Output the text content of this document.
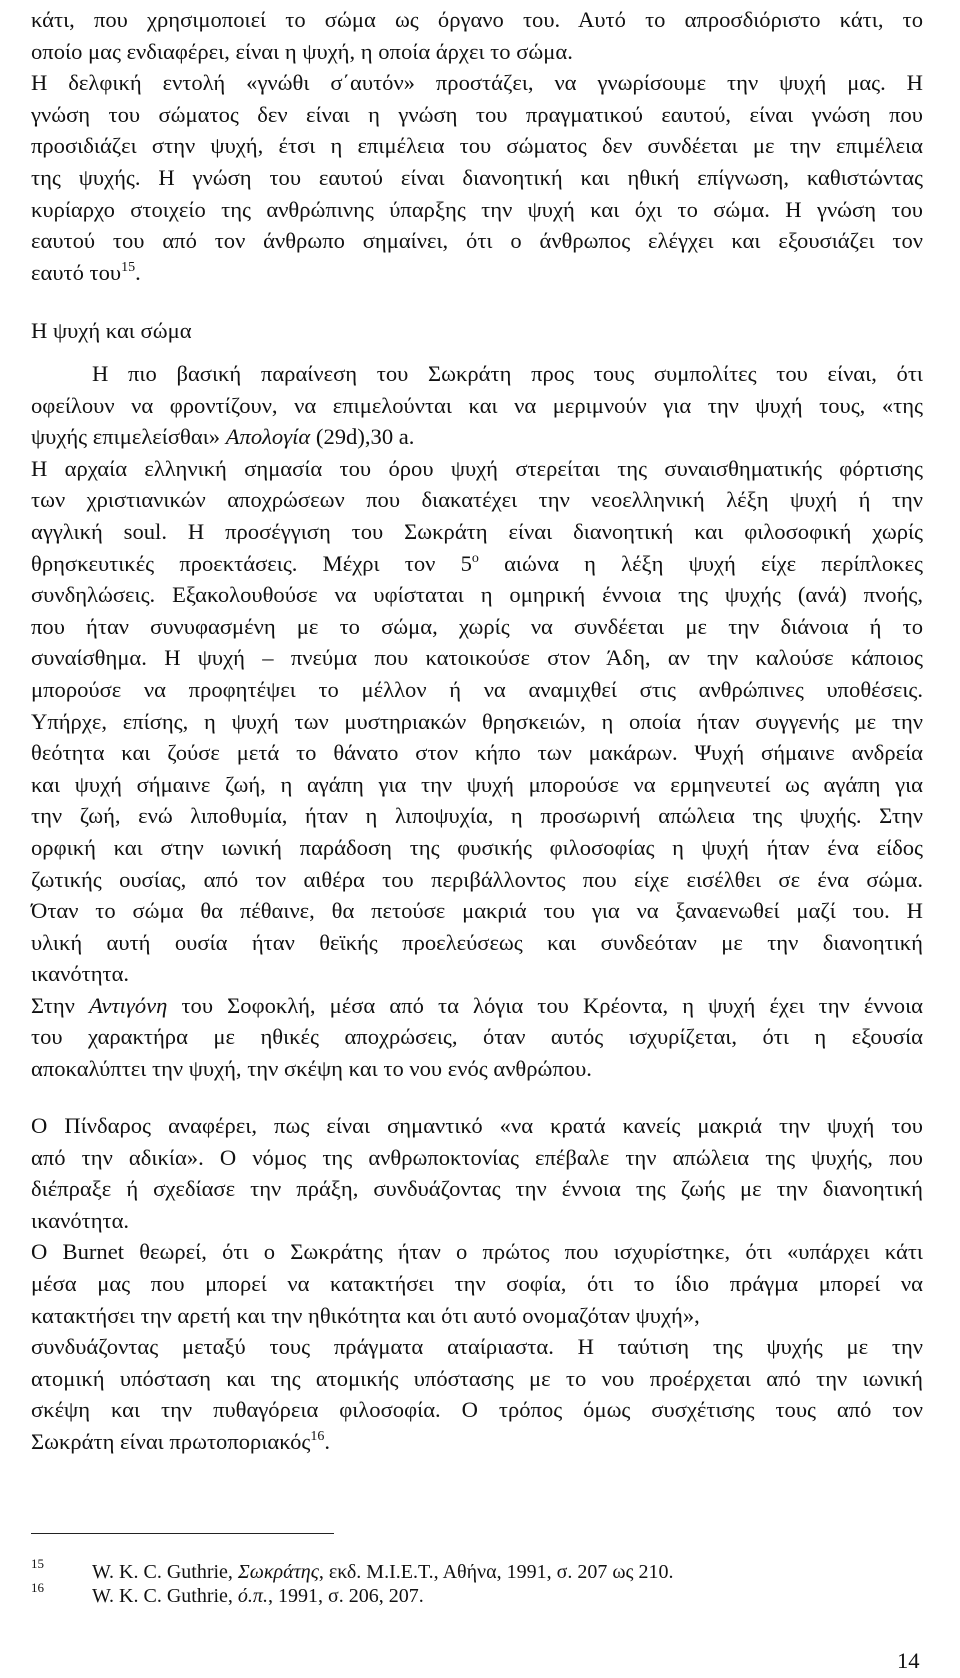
κάτι, που χρησιμοποιεί το σώμα ως όργανο του. Αυτό το απροσδιόριστο κάτι, το

οποίο μας ενδιαφέρει, είναι η ψυχή, η οποία άρχει το σώμα.

Η δελφική εντολή «γνώθι σ΄αυτόν» προστάζει, να γνωρίσουμε την ψυχή μας. Η

γνώση του σώματος δεν είναι η γνώση του πραγματικού εαυτού, είναι γνώση που

προσιδιάζει στην ψυχή, έτσι η επιμέλεια του σώματος δεν συνδέεται με την επιμέλεια

της ψυχής. Η γνώση του εαυτού είναι διανοητική και ηθική επίγνωση, καθιστώντας

κυρίαρχο στοιχείο της ανθρώπινης ύπαρξης την ψυχή και όχι το σώμα. Η γνώση του

εαυτού του από τον άνθρωπο σημαίνει, ότι ο άνθρωπος ελέγχει και εξουσιάζει τον

εαυτό του$^{15}$.

Η ψυχή και σώμα

Η πιο βασική παραίνεση του Σωκράτη προς τους συμπολίτες του είναι, ότι

οφείλουν να φροντίζουν, να επιμελούνται και να μεριμνούν για την ψυχή τους, «της

ψυχής επιμελείσθαι» Απολογία (29d),30 a.

Η αρχαία ελληνική σημασία του όρου ψυχή στερείται της συναισθηματικής φόρτισης

των χριστιανικών αποχρώσεων που διακατέχει την νεοελληνική λέξη ψυχή ή την

αγγλική soul. Η προσέγγιση του Σωκράτη είναι διανοητική και φιλοσοφική χωρίς

θρησκευτικές προεκτάσεις. Μέχρι τον $5^o$ αιώνα η λέξη ψυχή είχε περίπλοκες

συνδηλώσεις. Εξακολουθούσε να υφίσταται η ομηρική έννοια της ψυχής (ανά) πνοής,

που ήταν συνυφασμένη με το σώμα, χωρίς να συνδέεται με την διάνοια ή το

συναίσθημα. Η ψυχή – πνεύμα που κατοικούσε στον Άδη, αν την καλούσε κάποιος

μπορούσε να προφητέψει το μέλλον ή να αναμιχθεί στις ανθρώπινες υποθέσεις.

Υπήρχε, επίσης, η ψυχή των μυστηριακών θρησκειών, η οποία ήταν συγγενής με την

θεότητα και ζούσε μετά το θάνατο στον κήπο των μακάρων. Ψυχή σήμαινε ανδρεία

και ψυχή σήμαινε ζωή, η αγάπη για την ψυχή μπορούσε να ερμηνευτεί ως αγάπη για

την ζωή, ενώ λιποθυμία, ήταν η λιποψυχία, η προσωρινή απώλεια της ψυχής. Στην

ορφική και στην ιωνική παράδοση της φυσικής φιλοσοφίας η ψυχή ήταν ένα είδος

ζωτικής ουσίας, από τον αιθέρα του περιβάλλοντος που είχε εισέλθει σε ένα σώμα.

Όταν το σώμα θα πέθαινε, θα πετούσε μακριά του για να ξαναενωθεί μαζί του. Η

υλική αυτή ουσία ήταν θεϊκής προελεύσεως και συνδεόταν με την διανοητική

ικανότητα.

Στην Αντιγόνη του Σοφοκλή, μέσα από τα λόγια του Κρέοντα, η ψυχή έχει την έννοια

του χαρακτήρα με ηθικές αποχρώσεις, όταν αυτός ισχυρίζεται, ότι η εξουσία

αποκαλύπτει την ψυχή, την σκέψη και το νου ενός ανθρώπου.

Ο Πίνδαρος αναφέρει, πως είναι σημαντικό «να κρατά κανείς μακριά την ψυχή του

από την αδικία». Ο νόμος της ανθρωποκτονίας επέβαλε την απώλεια της ψυχής, που

διέπραξε ή σχεδίασε την πράξη, συνδυάζοντας την έννοια της ζωής με την διανοητική

ικανότητα.

Ο Burnet θεωρεί, ότι ο Σωκράτης ήταν ο πρώτος που ισχυρίστηκε, ότι «υπάρχει κάτι

μέσα μας που μπορεί να κατακτήσει την σοφία, ότι το ίδιο πράγμα μπορεί να

κατακτήσει την αρετή και την ηθικότητα και ότι αυτό ονομαζόταν ψυχή»,

συνδυάζοντας μεταξύ τους πράγματα αταίριαστα. Η ταύτιση της ψυχής με την

ατομική υπόσταση και της ατομικής υπόστασης με το νου προέρχεται από την ιωνική

σκέψη και την πυθαγόρεια φιλοσοφία. Ο τρόπος όμως συσχέτισης τους από τον

Σωκράτη είναι πρωτοποριακός$^{16}$.

15 W. K. C. Guthrie, Σωκράτης, εκδ. Μ.Ι.Ε.Τ., Αθήνα, 1991, σ. 207 ως 210.
16 W. K. C. Guthrie, ό.π., 1991, σ. 206, 207.
14
